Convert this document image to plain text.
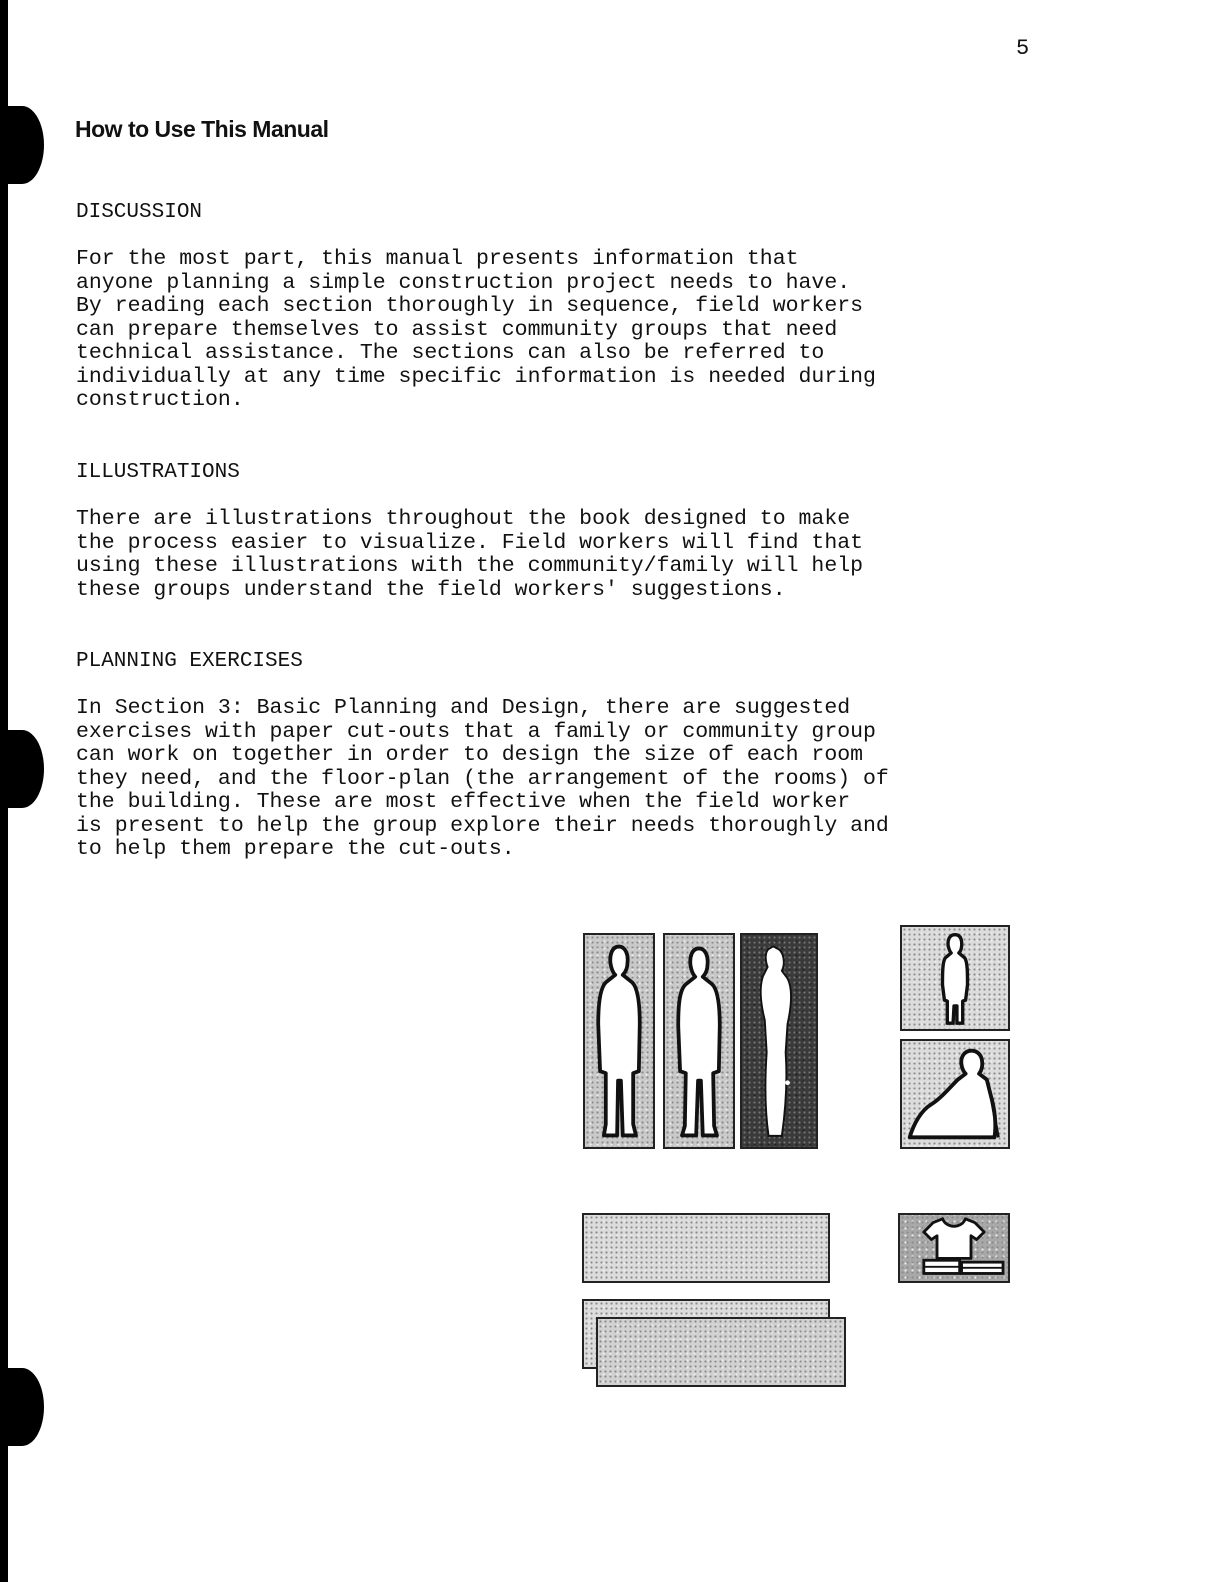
5
How to Use This Manual
DISCUSSION

For the most part, this manual presents information that
anyone planning a simple construction project needs to have.
By reading each section thoroughly in sequence, field workers
can prepare themselves to assist community groups that need
technical assistance. The sections can also be referred to
individually at any time specific information is needed during
construction.

ILLUSTRATIONS

There are illustrations throughout the book designed to make
the process easier to visualize. Field workers will find that
using these illustrations with the community/family will help
these groups understand the field workers' suggestions.

PLANNING EXERCISES

In Section 3: Basic Planning and Design, there are suggested
exercises with paper cut-outs that a family or community group
can work on together in order to design the size of each room
they need, and the floor-plan (the arrangement of the rooms) of
the building. These are most effective when the field worker
is present to help the group explore their needs thoroughly and
to help them prepare the cut-outs.
